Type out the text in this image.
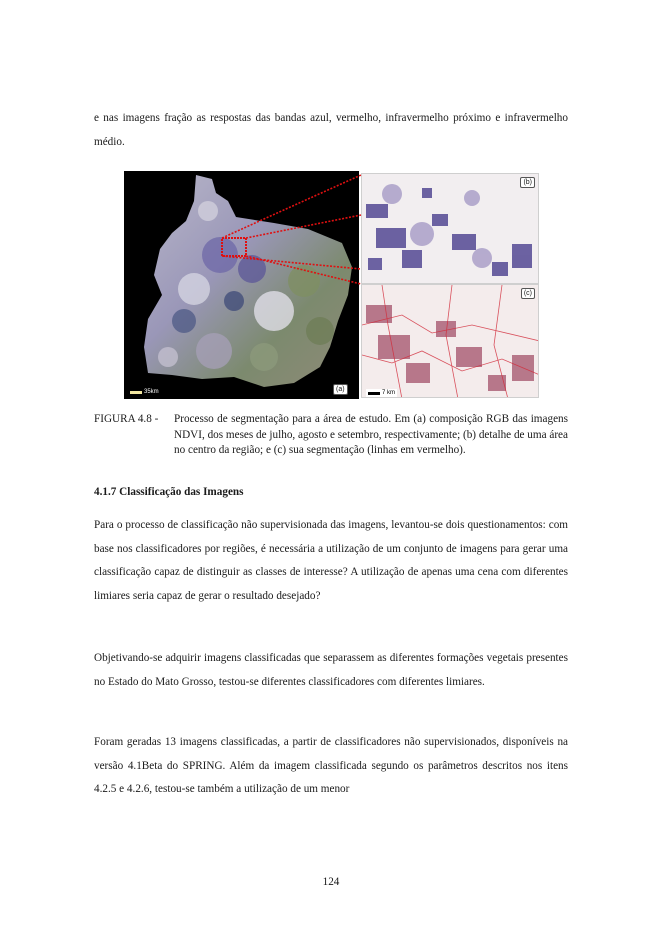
e nas imagens fração as respostas das bandas azul, vermelho, infravermelho próximo e infravermelho médio.

(b)
(c)
(a)
35km	7 km
FIGURA 4.8 - Processo de segmentação para a área de estudo. Em (a) composição RGB das imagens NDVI, dos meses de julho, agosto e setembro, respectivamente; (b) detalhe de uma área no centro da região; e (c) sua segmentação (linhas em vermelho).

4.1.7 Classificação das Imagens

Para o processo de classificação não supervisionada das imagens, levantou-se dois questionamentos: com base nos classificadores por regiões, é necessária a utilização de um conjunto de imagens para gerar uma classificação capaz de distinguir as classes de interesse? A utilização de apenas uma cena com diferentes limiares seria capaz de gerar o resultado desejado?

Objetivando-se adquirir imagens classificadas que separassem as diferentes formações vegetais presentes no Estado do Mato Grosso, testou-se diferentes classificadores com diferentes limiares.

Foram geradas 13 imagens classificadas, a partir de classificadores não supervisionados, disponíveis na versão 4.1Beta do SPRING. Além da imagem classificada segundo os parâmetros descritos nos itens 4.2.5 e 4.2.6, testou-se também a utilização de um menor

124
